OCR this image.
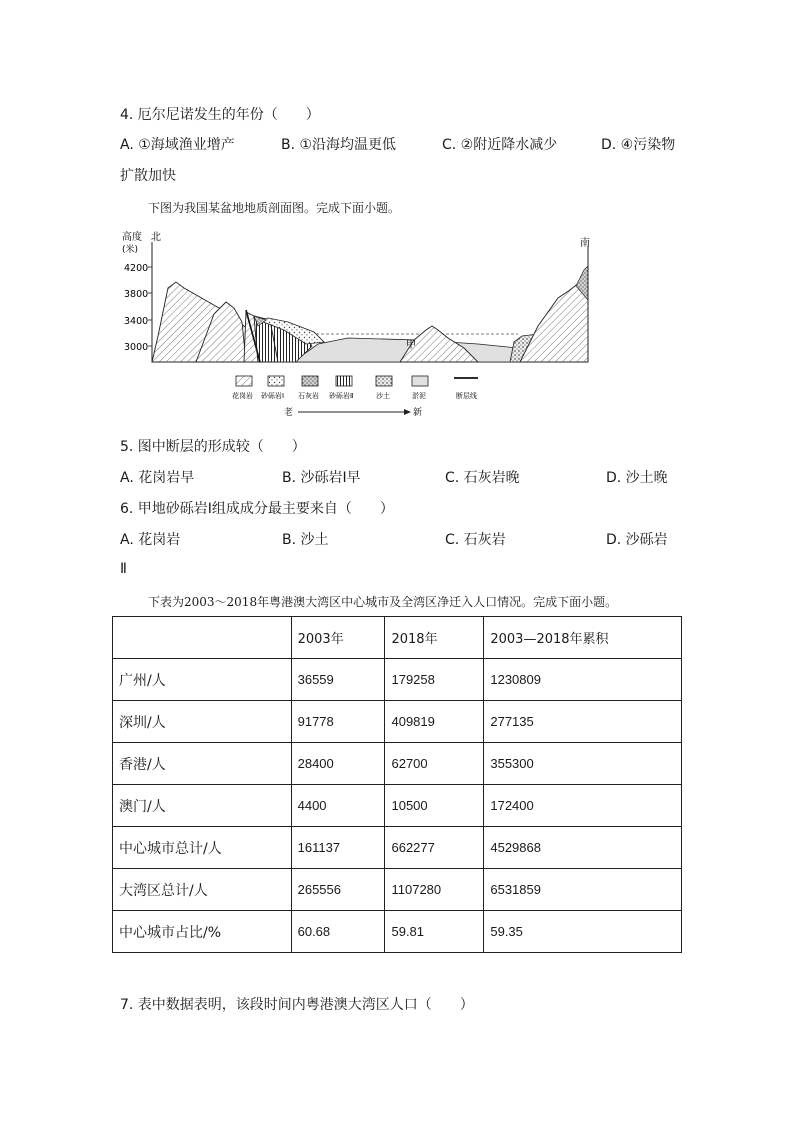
4. 厄尔尼诺发生的年份（　　）
A. ①海域渔业增产	B. ①沿海均温更低	C. ②附近降水减少	D. ④污染物
扩散加快
下图为我国某盆地地质剖面图。完成下面小题。
高度
(米)
北
南
4200
3800
3400
3000	甲
花岗岩 砂砾岩Ⅰ 石灰岩 砂砾岩Ⅱ	沙土	淤泥	断层线
老	新
5. 图中断层的形成较（　　）
A. 花岗岩早	B. 沙砾岩Ⅰ早	C. 石灰岩晚	D. 沙土晚
6. 甲地砂砾岩Ⅰ组成成分最主要来自（　　）
A. 花岗岩	B. 沙土	C. 石灰岩	D. 沙砾岩
Ⅱ
下表为2003～2018年粤港澳大湾区中心城市及全湾区净迁入人口情况。完成下面小题。
	2003年	2018年	2003—2018年累积
广州/人	36559	179258	1230809
深圳/人	91778	409819	277135
香港/人	28400	62700	355300
澳门/人	4400	10500	172400
中心城市总计/人	161137	662277	4529868
大湾区总计/人	265556	1107280	6531859
中心城市占比/%	60.68	59.81	59.35
7. 表中数据表明，该段时间内粤港澳大湾区人口（　　）
